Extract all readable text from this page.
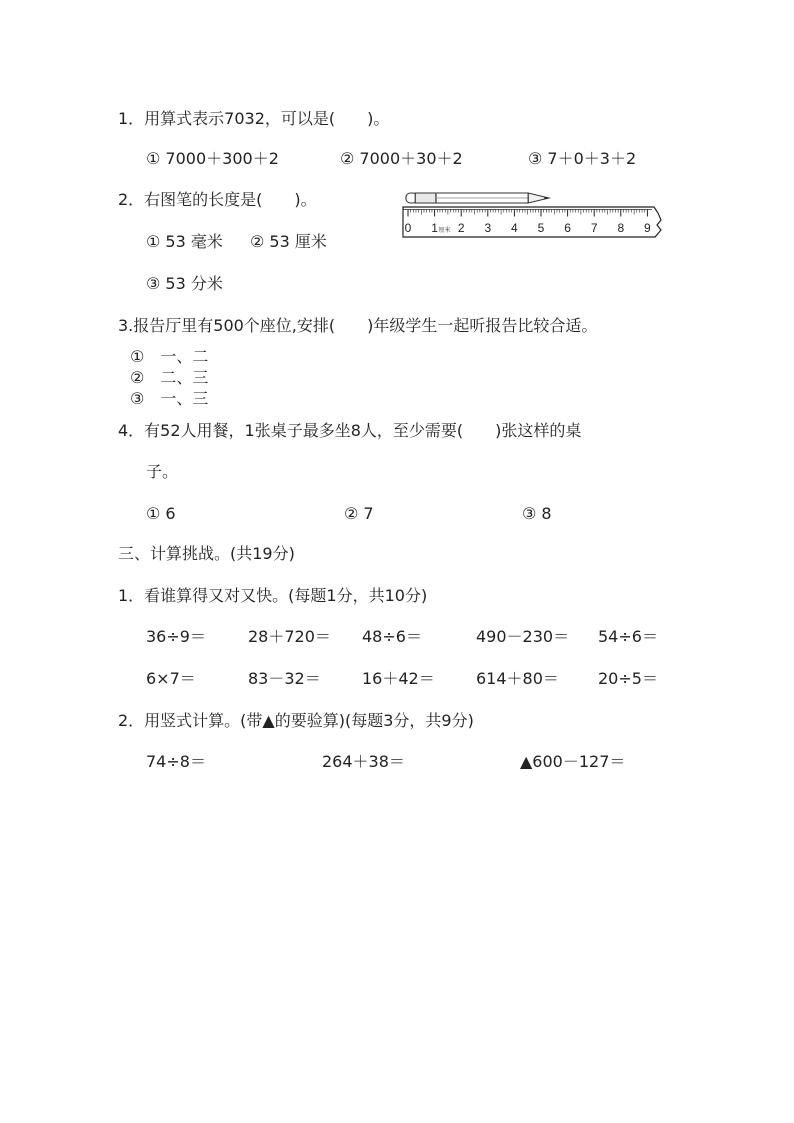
1．用算式表示7032，可以是(　　)。
① 7000＋300＋2	② 7000＋30＋2	③ 7＋0＋3＋2
2．右图笔的长度是(　　)。
① 53 毫米 ② 53 厘米
③ 53 分米
0 1 2 3 4 5 6 7 8 9
厘米
3.报告厅里有500个座位,安排(　　)年级学生一起听报告比较合适。
①　一、二
②　二、三
③　一、三
4．有52人用餐，1张桌子最多坐8人，至少需要(　　)张这样的桌
子。
① 6	② 7	③ 8
三、计算挑战。(共19分)
1．看谁算得又对又快。(每题1分，共10分)
36÷9＝	28＋720＝ 48÷6＝	490－230＝ 54÷6＝
6×7＝	83－32＝	16＋42＝	614＋80＝ 20÷5＝
2．用竖式计算。(带▲的要验算)(每题3分，共9分)
74÷8＝	264＋38＝	▲600－127＝
